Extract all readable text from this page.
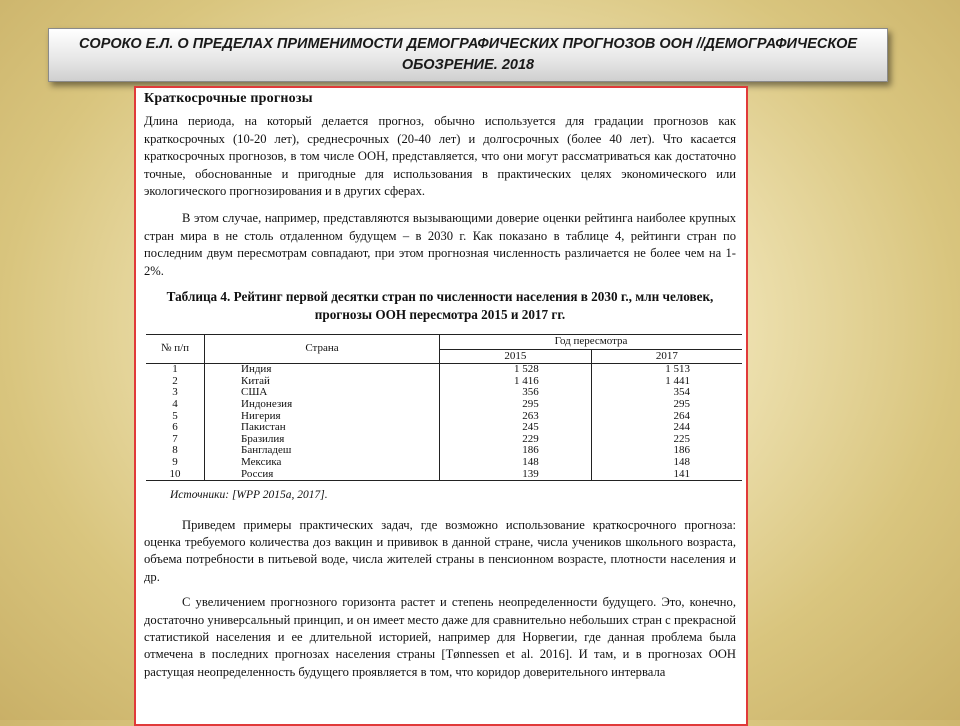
СОРОКО Е.Л. О ПРЕДЕЛАХ ПРИМЕНИМОСТИ ДЕМОГРАФИЧЕСКИХ ПРОГНОЗОВ ООН //ДЕМОГРАФИЧЕСКОЕ ОБОЗРЕНИЕ. 2018
Краткосрочные прогнозы

Длина периода, на который делается прогноз, обычно используется для градации прогнозов как краткосрочных (10-20 лет), среднесрочных (20-40 лет) и долгосрочных (более 40 лет). Что касается краткосрочных прогнозов, в том числе ООН, представляется, что они могут рассматриваться как достаточно точные, обоснованные и пригодные для использования в практических целях экономического или экологического прогнозирования и в других сферах.

В этом случае, например, представляются вызывающими доверие оценки рейтинга наиболее крупных стран мира в не столь отдаленном будущем – в 2030 г. Как показано в таблице 4, рейтинги стран по последним двум пересмотрам совпадают, при этом прогнозная численность различается не более чем на 1-2%.

Таблица 4. Рейтинг первой десятки стран по численности населения в 2030 г., млн человек, прогнозы ООН пересмотра 2015 и 2017 гг.
№ п/п	Страна	Год пересмотра	
		2015	2017
1	Индия	1 528	1 513
2	Китай	1 416	1 441
3	США	356	354
4	Индонезия	295	295
5	Нигерия	263	264
6	Пакистан	245	244
7	Бразилия	229	225
8	Бангладеш	186	186
9	Мексика	148	148
10	Россия	139	141
Источники: [WPP 2015a, 2017].

Приведем примеры практических задач, где возможно использование краткосрочного прогноза: оценка требуемого количества доз вакцин и прививок в данной стране, числа учеников школьного возраста, объема потребности в питьевой воде, числа жителей страны в пенсионном возрасте, плотности населения и др.

С увеличением прогнозного горизонта растет и степень неопределенности будущего. Это, конечно, достаточно универсальный принцип, и он имеет место даже для сравнительно небольших стран с прекрасной статистикой населения и ее длительной историей, например для Норвегии, где данная проблема была отмечена в последних прогнозах населения страны [Tønnessen et al. 2016]. И там, и в прогнозах ООН растущая неопределенность будущего проявляется в том, что коридор доверительного интервала
